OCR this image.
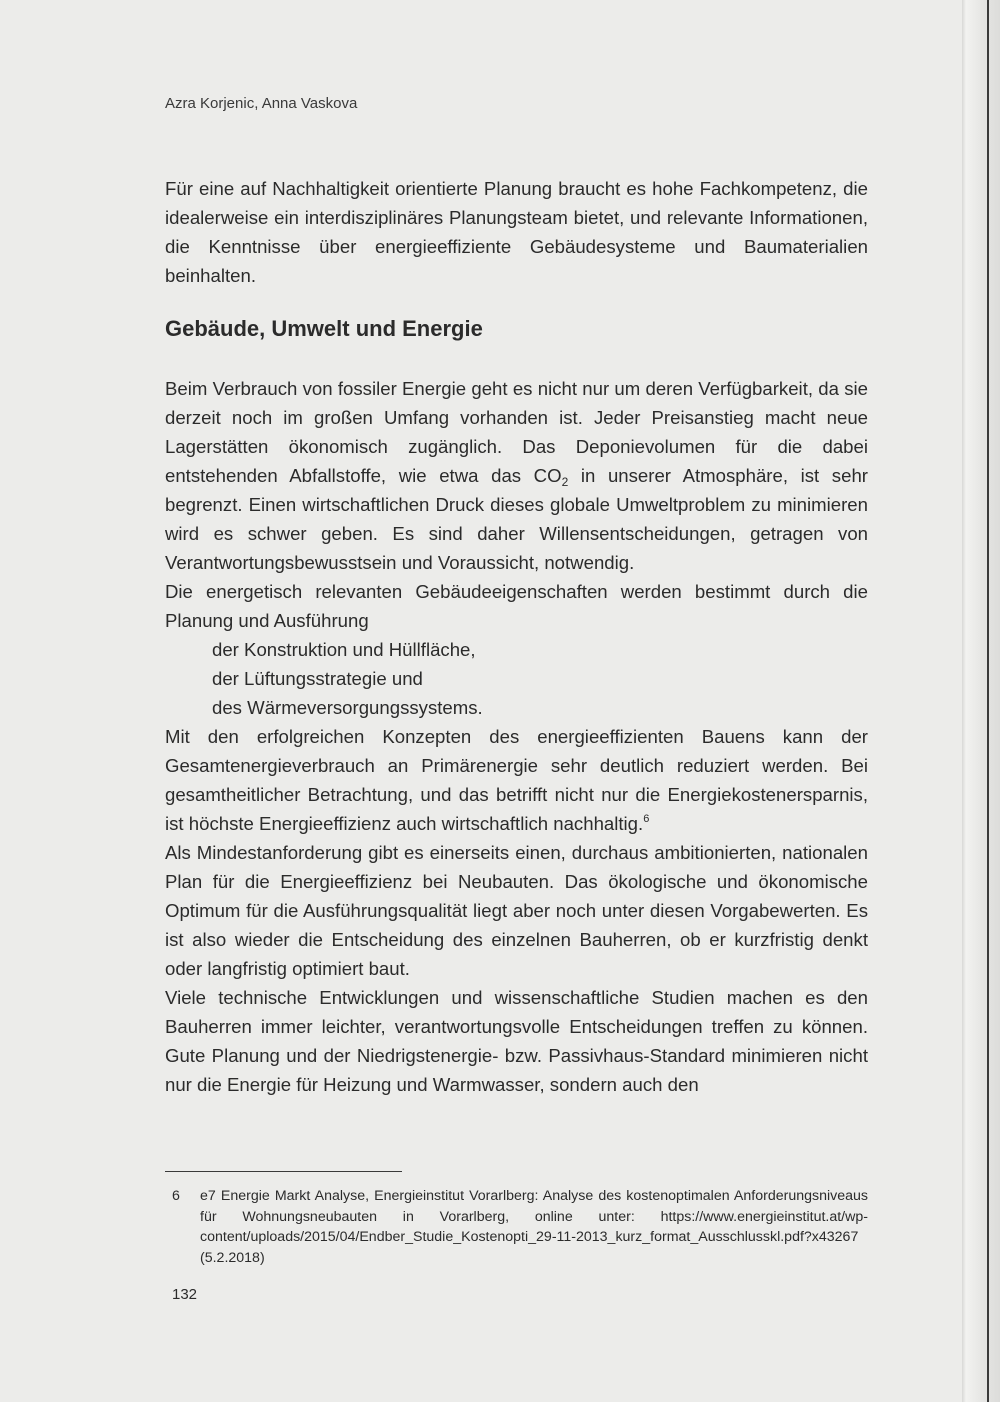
Azra Korjenic, Anna Vaskova

Für eine auf Nachhaltigkeit orientierte Planung braucht es hohe Fachkompetenz, die idealerweise ein interdisziplinäres Planungsteam bietet, und relevante Informationen, die Kenntnisse über energieeffiziente Gebäudesysteme und Baumaterialien beinhalten.

Gebäude, Umwelt und Energie

Beim Verbrauch von fossiler Energie geht es nicht nur um deren Verfügbarkeit, da sie derzeit noch im großen Umfang vorhanden ist. Jeder Preisanstieg macht neue Lagerstätten ökonomisch zugänglich. Das Deponievolumen für die dabei entstehenden Abfallstoffe, wie etwa das $CO_2$ in unserer Atmosphäre, ist sehr begrenzt. Einen wirtschaftlichen Druck dieses globale Umweltproblem zu minimieren wird es schwer geben. Es sind daher Willensentscheidungen, getragen von Verantwortungsbewusstsein und Voraussicht, notwendig.

Die energetisch relevanten Gebäudeeigenschaften werden bestimmt durch die Planung und Ausführung

der Konstruktion und Hüllfläche,
der Lüftungsstrategie und
des Wärmeversorgungssystems.

Mit den erfolgreichen Konzepten des energieeffizienten Bauens kann der Gesamtenergieverbrauch an Primärenergie sehr deutlich reduziert werden. Bei gesamtheitlicher Betrachtung, und das betrifft nicht nur die Energiekostenersparnis, ist höchste Energieeffizienz auch wirtschaftlich nachhaltig.$^6$

Als Mindestanforderung gibt es einerseits einen, durchaus ambitionierten, nationalen Plan für die Energieeffizienz bei Neubauten. Das ökologische und ökonomische Optimum für die Ausführungsqualität liegt aber noch unter diesen Vorgabewerten. Es ist also wieder die Entscheidung des einzelnen Bauherren, ob er kurzfristig denkt oder langfristig optimiert baut.

Viele technische Entwicklungen und wissenschaftliche Studien machen es den Bauherren immer leichter, verantwortungsvolle Entscheidungen treffen zu können. Gute Planung und der Niedrigstenergie- bzw. Passivhaus-Standard minimieren nicht nur die Energie für Heizung und Warmwasser, sondern auch den

6 e7 Energie Markt Analyse, Energieinstitut Vorarlberg: Analyse des kostenoptimalen Anforderungsniveaus für Wohnungsneubauten in Vorarlberg, online unter: https://www.energieinstitut.at/wp-content/uploads/2015/04/Endber_Studie_Kostenopti_29-11-2013_kurz_format_Ausschlusskl.pdf?x43267 (5.2.2018)
132
